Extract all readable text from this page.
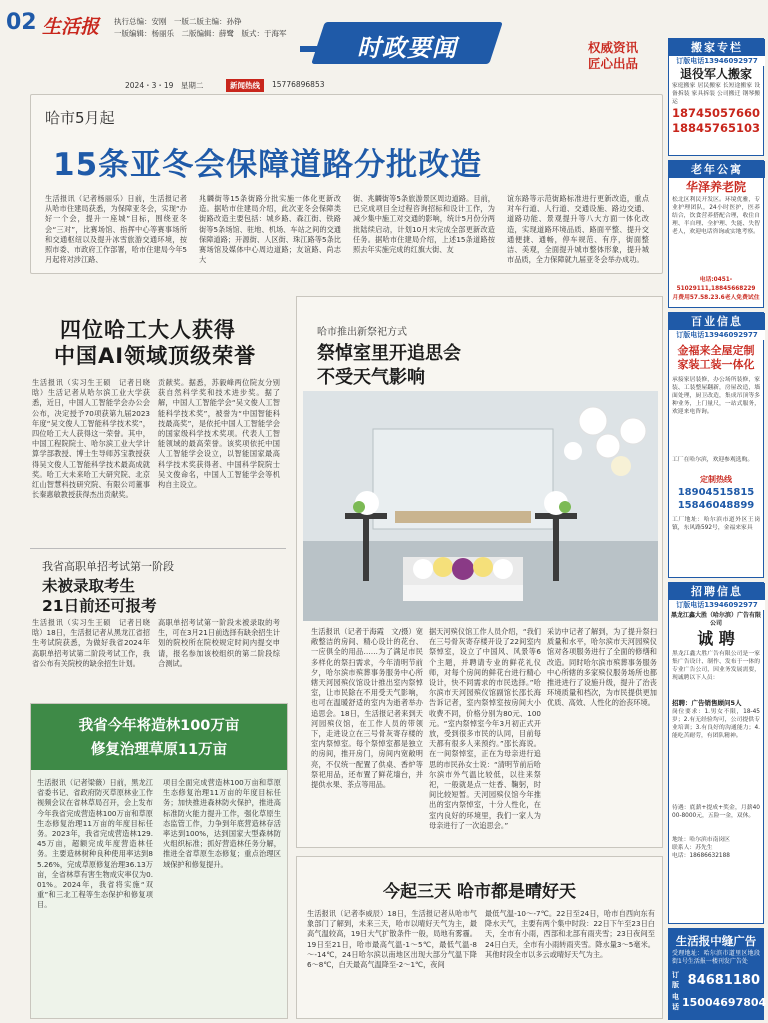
02 生活报 执行总编：安刚　一版二版主编：孙铮
一版编辑：杨丽乐　二版编辑：薛鹭　版式：于海军
时政要闻	权威资讯
匠心出品
2024・3・19　星期二	新闻热线	15776896853
哈市5月起
15条亚冬会保障道路分批改造
生活报讯（记者杨丽乐）日前，生活报记者从哈市住建局获悉，为保障亚冬会，实现“办好一个会，提升一座城”目标，围绕亚冬会“三对”，比赛场馆、指挥中心等赛事场所和交通枢纽以及提升冰雪旅游交通环境，按照市委、市政府工作部署，哈市住建局今年5月起将对涉江路、
兆麟街等15条街路分批实施一体化更新改造。据哈市住建局介绍，此次亚冬会保障类街路改造主要包括：城乡路、森江街、铁路街等5条场馆、驻地、机场、车站之间的交通保障道路；开源街、人区街、珠江路等5条比赛场馆及媒体中心周边道路；友谊路、尚志大
街、兆麟街等5条旅游景区周边道路。目前，已完成项目全过程咨询招标和设计工作，为减少集中施工对交通的影响，统计5月份分两批陆续启动，计划10月末完成全部更新改造任务。据哈市住建局介绍，上述15条道路按照去年实施完成的红旗大街、友
谊东路等示范街路标准进行更新改造，重点对车行道、人行道、交通设施、路边交通、道路功能、景观提升等八大方面一体化改造，实现道路环境品质、路面平整、提升交通便捷、通畅，停车规范、有序，街面整洁、美观，全面提升城市整体形象，提升城市品质，全力保障就九届亚冬会举办成功。
四位哈工大人获得
中国AI领域顶级荣誉
生活报讯（实习生王硕　记者吕晓晗）生活记者从哈尔滨工业大学获悉，近日，中国人工智能学会办公会公布，决定授予70项获第九届2023年度“吴文俊人工智能科学技术奖”，四位哈工大人获得这一荣誉。其中，中国工程院院士、哈尔滨工业大学计算学部教授、博士生导师苏宝教授获得吴文俊人工智能科学技术最高成就奖。哈工大未来哈工大研究院、北京红山智慧科技研究院、有限公司董事长秦惠敏教授获得杰出贡献奖。
贡献奖。据悉，苏毅峰两位院友分别获自然科学奖和技术进步奖。据了解，中国人工智能学会“吴文俊人工智能科学技术奖”，被誉为“中国智能科技最高奖”，是依托中国人工智能学会的国家级科学技术奖项。代表人工智能领域的最高荣誉。该奖项依托中国人工智能学会设立，以智能国家最高科学技术奖获得者、中国科学院院士吴文俊命名，中国人工智能学会等机构自主设立。
我省高职单招考试第一阶段
未被录取考生
21日前还可报考
生活报讯（实习生王硕　记者吕晓晗）18日，生活报记者从黑龙江省招生考试院获悉，为做好我省2024年高职单招考试第二阶段考试工作，我省公布有关院校的缺余招生计划。
高职单招考试第一阶段未被录取的考生，可在3月21日前选择有缺余招生计划的院校所在院校规定时间内提交申请，报名参加该校组织的第二阶段综合测试。
我省今年将造林100万亩
修复治理草原11万亩
生活报讯（记者梁薇）日前，黑龙江省委书记、省政府防灭草原林业工作视频会议在省林草局召开，会上发布今年我省完成营造林100万亩和草原生态修复治理11万亩的年度目标任务。2023年，我省完成营造林129.45万亩，超额完成年度营造林任务。主要造林树种良种使用率达到85.26%，完成草原修复治理36.13万亩，全省林草有害生物成灾率仅为0.01%。2024年，我省将实施“双重”和三北工程等生态保护和修复项目。
项目全面完成营造林100万亩和草原生态修复治理11万亩的年度目标任务；加快推进森林防火保护，推进高标准防火能力提升工作，强化草原生态监管工作，力争到年底营造林存活率达到100%，达到国家大型森林防火组织标准；抓好营造林任务分解，推进全省草原生态修复；重点治理区域保护和修复提升。
哈市推出新祭祀方式
祭悼室里开追思会
不受天气影响
生活报讯（记者于海霞　文/摄）宽敞整洁的房间、精心设计的花台、一应俱全的用品……为了满足市民多样化的祭扫需求，今年清明节前夕，哈尔滨市殡葬事务服务中心所辖天河园殡仪馆设计推出室内祭悼室，让市民除在不用受天气影响，也可在温暖舒适的室内为逝者举办追思会。18日，生活报记者来到天河园殡仪馆，在工作人员的带领下，走进设立在三号骨灰寄存楼的室内祭悼室。每个祭悼室都是独立的房间，推开房门，房间内宽敞明亮，不仅统一配置了供桌、香炉等祭祀用品，还布置了鲜花墙台，并提供水果、茶点等用品。
据天河殡仪馆工作人员介绍，“我们在三号骨灰寄存楼开设了22间室内祭悼室，设立了中国风、风景等6个主题，并聘请专业的鲜花礼仪师，对每个房间的鲜花台进行精心设计，快不同需求的市民选择。”哈尔滨市天河园殡仪馆副馆长邵长海告诉记者，室内祭悼室按房间大小收费不同，价格分别为80元、100元。“室内祭悼室今年3月初正式开放，受到很多市民的认同，目前每天都有很多人来预约。”邵长海说。在一间祭悼室，正在为母亲进行追思的市民孙女士说：“清明节前后哈尔滨市外气温比较低，以往来祭祀，一般就是点一炷香、鞠躬，时间比较短暂。天河园殡仪馆今年推出的室内祭悼室，十分人性化，在室内良好的环境里，我们一家人为母亲进行了一次追思会。”
采访中记者了解到，为了提升祭扫质量和水平，哈尔滨市天河园殡仪馆对各项服务进行了全面的修缮和改造。同时哈尔滨市殡葬事务服务中心所辖的多家殡仪服务场所也都推进进行了设施升级，提升了治丧环境质量和档次，为市民提供更加优质、高效、人性化的治丧环境。
今起三天 哈市都是晴好天
生活报讯（记者李威辰）18日，生活报记者从哈市气象部门了解到，未来三天，哈市以晴好天气为主，最高气温较高，19日大气扩散条件一般，局地有雾霾。19日至21日，哈市最高气温-1～5℃，最低气温-8～-14℃，24日哈尔滨以南地区出现大部分气温下降6～8℃，白天最高气温降至-2～1℃，夜间
最低气温-10～-7℃。22日至24日，哈市自西向东有降水天气，主要有两个集中时段：22日下午至23日白天，全市有小雨，西部和北部有雨夹雪；23日夜间至24日白天，全市有小雨转雨夹雪。降水量3～5毫米。其他时段全市以多云或晴好天气为主。
搬家专栏
订版电话13946092977
退役军人搬家
家庭搬家 居民搬家 长短途搬家 设备拆装 家具拆装 公司搬迁 钢琴搬运
18745057660
18845765103
老年公寓
华泽养老院
松北区利民开发区。环境优雅，专业护理团队，24小时医护，医养结合，饮食营养搭配合理，收住自理、半自理、全护理、失能、失智老人，欢迎电话咨询或实地考察。
电话:0451-51029111,18845668229
月费用57.58.23.6老人免费试住
百业信息
订版电话13946092977
金福来全屋定制
家装工装一体化
承接家居装修，办公场所装修，家装、工装整屋翻新，房屋改造，墙面处理，厨卫改造，集成吊顶等多种业务，上门量尺，一站式服务，欢迎来电咨询。
工厂在哈尔滨，欢迎参观选购。
定制热线
18904515815
15846048899
工厂地址：哈尔滨市道外区王岗镇，东风路592号，金福来家具
招聘信息
订版电话13946092977
黑龙江鑫大胜（哈尔滨）广告有限公司
诚 聘
黑龙江鑫大胜广告有限公司是一家集广告设计、制作、发布于一体的专业广告公司，因业务发展需要，现诚聘以下人员：
招聘：广告销售顾问5人
岗位要求：1.男女不限，18-45岁；2.有无经验均可，公司提供专业培训；3.有良好的沟通能力；4.能吃苦耐劳，有团队精神。
待遇：底薪+提成+奖金，月薪4000-8000元，五险一金，双休。
地址：哈尔滨市南岗区
联系人：苏先生
电话：18686632188
生活报中缝广告
受理地址：哈尔滨市道里区地段街1号生活报一楼刊发广告处
订版 84681180
电话 15004697804
